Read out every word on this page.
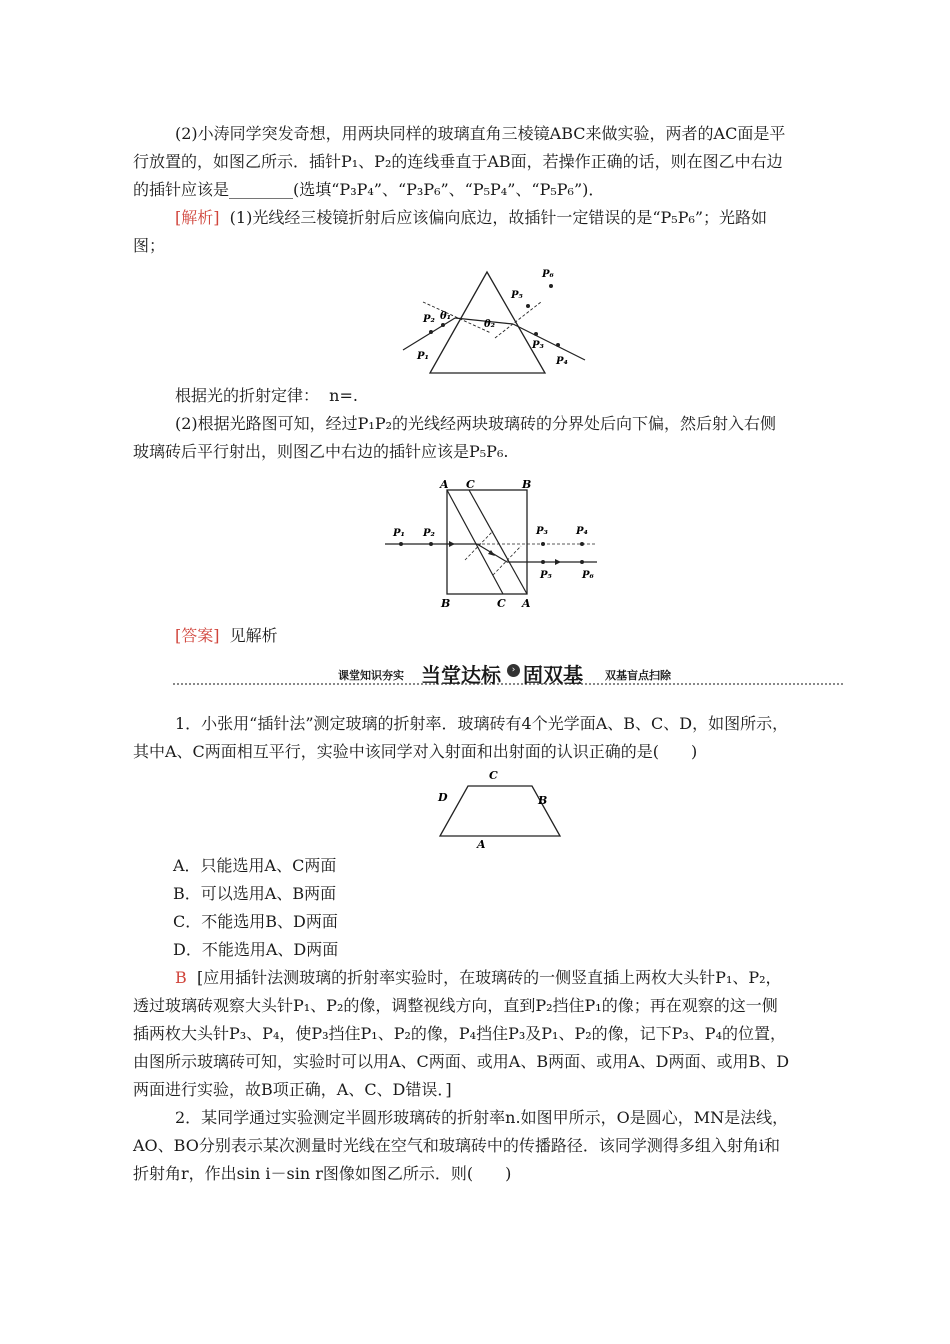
(2)小涛同学突发奇想，用两块同样的玻璃直角三棱镜ABC来做实验，两者的AC面是平
行放置的，如图乙所示．插针P₁、P₂的连线垂直于AB面，若操作正确的话，则在图乙中右边
的插针应该是________(选填“P₃P₄”、“P₃P₆”、“P₅P₄”、“P₅P₆”)．
[解析] (1)光线经三棱镜折射后应该偏向底边，故插针一定错误的是“P₅P₆”；光路如
图；
P₆
P₅
θ₁
P₂	θ₂
P₁
P₃
P₄
根据光的折射定律：  n=.
(2)根据光路图可知，经过P₁P₂的光线经两块玻璃砖的分界处后向下偏，然后射入右侧
玻璃砖后平行射出，则图乙中右边的插针应该是P₅P₆.
A C	B
B	C A
P₁ P₂	P₃	P₄
P₅	P₆
[答案] 见解析
课堂知识夯实 当堂达标	› 固双基 双基盲点扫除
1．小张用“插针法”测定玻璃的折射率．玻璃砖有4个光学面A、B、C、D，如图所示，
其中A、C两面相互平行，实验中该同学对入射面和出射面的认识正确的是(　　)
C
D	B
A
A．只能选用A、C两面
B．可以选用A、B两面
C．不能选用B、D两面
D．不能选用A、D两面
B [应用插针法测玻璃的折射率实验时，在玻璃砖的一侧竖直插上两枚大头针P₁、P₂，
透过玻璃砖观察大头针P₁、P₂的像，调整视线方向，直到P₂挡住P₁的像；再在观察的这一侧
插两枚大头针P₃、P₄，使P₃挡住P₁、P₂的像，P₄挡住P₃及P₁、P₂的像，记下P₃、P₄的位置，
由图所示玻璃砖可知，实验时可以用A、C两面、或用A、B两面、或用A、D两面、或用B、D
两面进行实验，故B项正确，A、C、D错误．]
2．某同学通过实验测定半圆形玻璃砖的折射率n.如图甲所示，O是圆心，MN是法线，
AO、BO分别表示某次测量时光线在空气和玻璃砖中的传播路径．该同学测得多组入射角i和
折射角r，作出sin i－sin r图像如图乙所示．则(　　)
